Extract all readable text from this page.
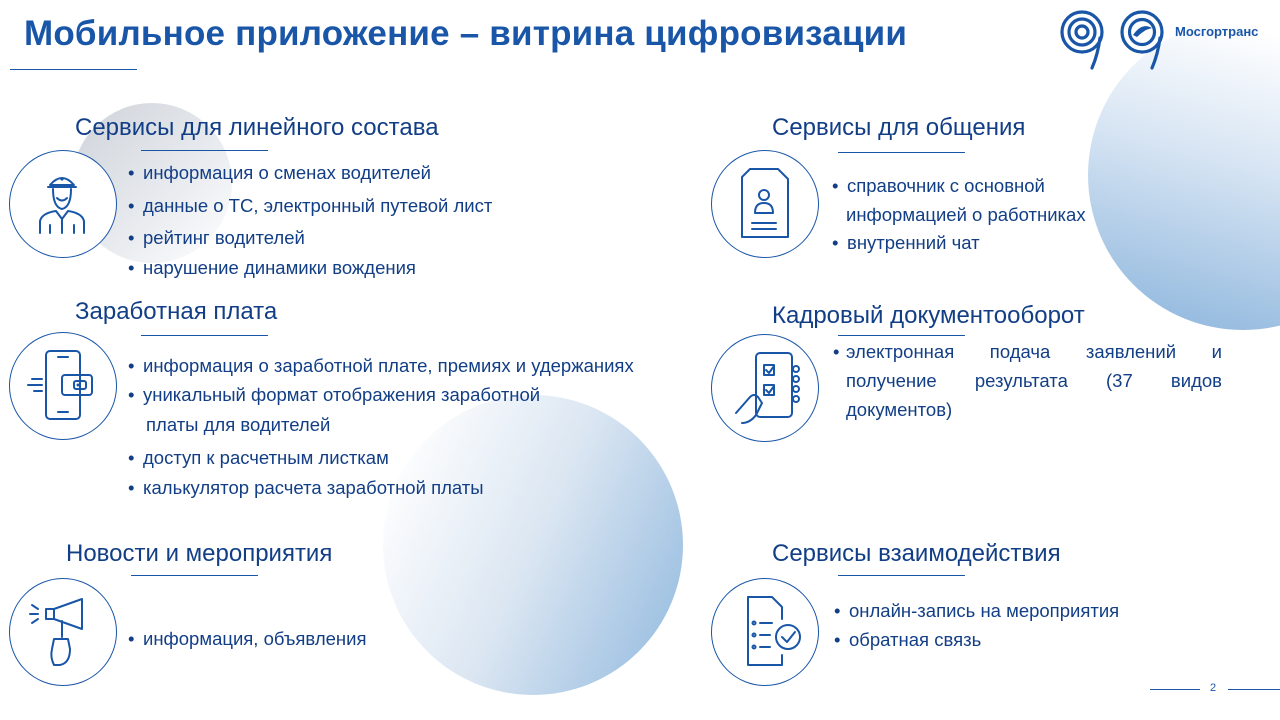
Мобильное приложение – витрина цифровизации	Мосгортранс
Сервисы для линейного состава
• информация о сменах водителей
• данные о ТС, электронный путевой лист
• рейтинг водителей
• нарушение динамики вождения
Заработная плата
• информация о заработной плате, премиях и удержаниях
• уникальный формат отображения заработной
платы для водителей
• доступ к расчетным листкам
• калькулятор расчета заработной платы
Новости и мероприятия
• информация, объявления
Сервисы для общения
• справочник с основной
информацией о работниках
• внутренний чат
Кадровый документооборот
• электронная подача заявлений и получение результата (37 видов документов)
Сервисы взаимодействия
• онлайн-запись на мероприятия
• обратная связь
2
